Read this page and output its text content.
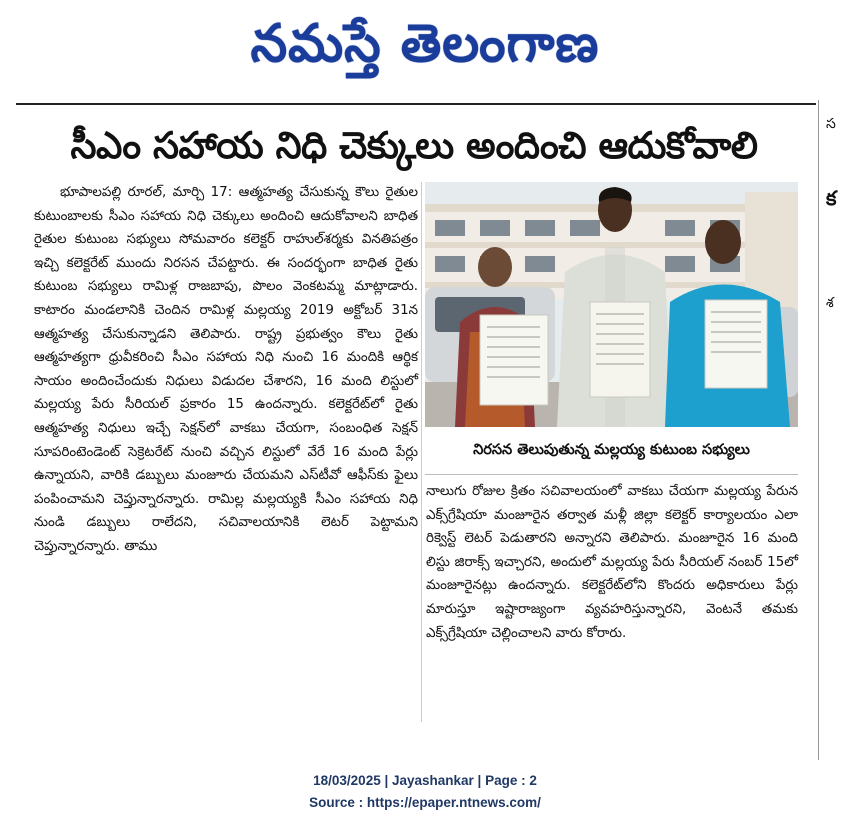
నమస్తే తెలంగాణ
స
క
శ
సీఎం సహాయ నిధి చెక్కులు అందించి ఆదుకోవాలి

భూపాలపల్లి రూరల్, మార్చి 17: ఆత్మహత్య చేసుకున్న కౌలు రైతుల కుటుంబాలకు సీఎం సహాయ నిధి చెక్కులు అందించి ఆదుకోవాలని బాధిత రైతుల కుటుంబ సభ్యులు సోమవారం కలెక్టర్ రాహుల్‌శర్మకు వినతిపత్రం ఇచ్చి కలెక్టరేట్ ముందు నిరసన చేపట్టారు. ఈ సందర్భంగా బాధిత రైతు కుటుంబ సభ్యులు రామిళ్ల రాజబాపు, పొలం వెంకటమ్మ మాట్లాడారు. కాటారం మండలానికి చెందిన రామిళ్ల మల్లయ్య 2019 అక్టోబర్ 31న ఆత్మహత్య చేసుకున్నాడని తెలిపారు. రాష్ట్ర ప్రభుత్వం కౌలు రైతు ఆత్మహత్యగా ధ్రువీకరించి సీఎం సహాయ నిధి నుంచి 16 మందికి ఆర్థిక సాయం అందించేందుకు నిధులు విడుదల చేశారని, 16 మంది లిస్టులో మల్లయ్య పేరు సీరియల్ ప్రకారం 15 ఉందన్నారు. కలెక్టరేట్‌లో రైతు ఆత్మహత్య నిధులు ఇచ్చే సెక్షన్‌లో వాకబు చేయగా, సంబంధిత సెక్షన్ సూపరింటెండెంట్ సెక్రెటరేట్ నుంచి వచ్చిన లిస్టులో వేరే 16 మంది పేర్లు ఉన్నాయని, వారికి డబ్బులు మంజూరు చేయమని ఎస్‌టీవో ఆఫీస్‌కు ఫైలు పంపించామని చెప్తున్నారన్నారు. రామిల్ల మల్లయ్యకి సీఎం సహాయ నిధి నుండి డబ్బులు రాలేదని, సచివాలయానికి లెటర్ పెట్టామని చెప్తున్నారన్నారు. తాము

నిరసన తెలుపుతున్న మల్లయ్య కుటుంబ సభ్యులు

నాలుగు రోజుల క్రితం సచివాలయంలో వాకబు చేయగా మల్లయ్య పేరున ఎక్స్‌గ్రేషియా మంజూరైన తర్వాత మళ్లీ జిల్లా కలెక్టర్ కార్యాలయం ఎలా రిక్వెస్ట్ లెటర్ పెడుతారని అన్నారని తెలిపారు. మంజూరైన 16 మంది లిస్టు జిరాక్స్ ఇచ్చారని, అందులో మల్లయ్య పేరు సీరియల్ నంబర్ 15లో మంజూరైనట్లు ఉందన్నారు. కలెక్టరేట్‌లోని కొందరు అధికారులు పేర్లు మారుస్తూ ఇష్టారాజ్యంగా వ్యవహరిస్తున్నారని, వెంటనే తమకు ఎక్స్‌గ్రేషియా చెల్లించాలని వారు కోరారు.

18/03/2025 | Jayashankar | Page : 2
Source : https://epaper.ntnews.com/
